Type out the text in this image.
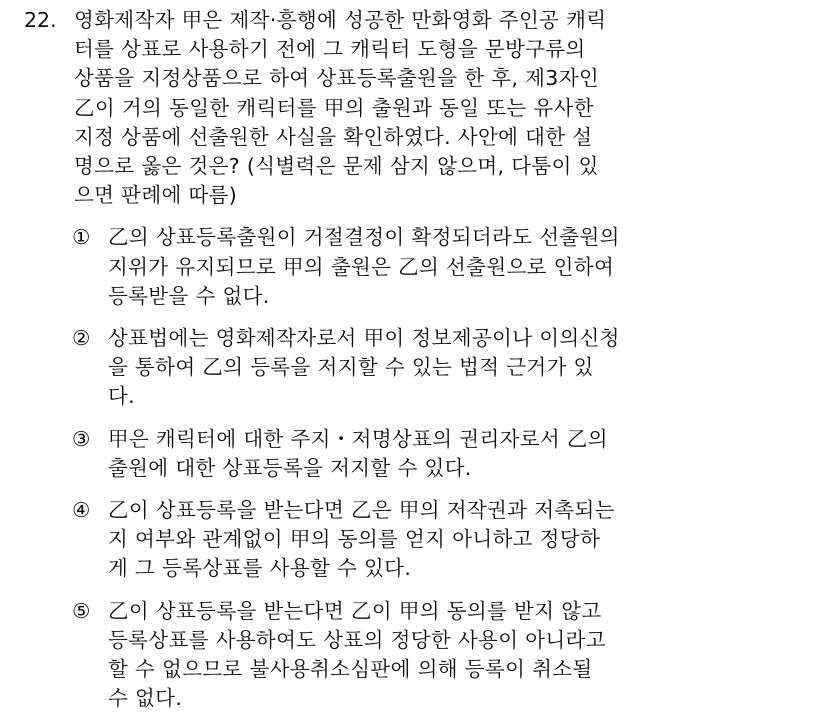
22. 영화제작자 甲은 제작·흥행에 성공한 만화영화 주인공 캐릭
터를 상표로 사용하기 전에 그 캐릭터 도형을 문방구류의
상품을 지정상품으로 하여 상표등록출원을 한 후, 제3자인
乙이 거의 동일한 캐릭터를 甲의 출원과 동일 또는 유사한
지정 상품에 선출원한 사실을 확인하였다. 사안에 대한 설
명으로 옳은 것은? (식별력은 문제 삼지 않으며, 다툼이 있
으면 판례에 따름)
① 乙의 상표등록출원이 거절결정이 확정되더라도 선출원의
지위가 유지되므로 甲의 출원은 乙의 선출원으로 인하여
등록받을 수 없다.
② 상표법에는 영화제작자로서 甲이 정보제공이나 이의신청
을 통하여 乙의 등록을 저지할 수 있는 법적 근거가 있
다.
③ 甲은 캐릭터에 대한 주지・저명상표의 권리자로서 乙의
출원에 대한 상표등록을 저지할 수 있다.
④ 乙이 상표등록을 받는다면 乙은 甲의 저작권과 저촉되는
지 여부와 관계없이 甲의 동의를 얻지 아니하고 정당하
게 그 등록상표를 사용할 수 있다.
⑤ 乙이 상표등록을 받는다면 乙이 甲의 동의를 받지 않고
등록상표를 사용하여도 상표의 정당한 사용이 아니라고
할 수 없으므로 불사용취소심판에 의해 등록이 취소될
수 없다.
